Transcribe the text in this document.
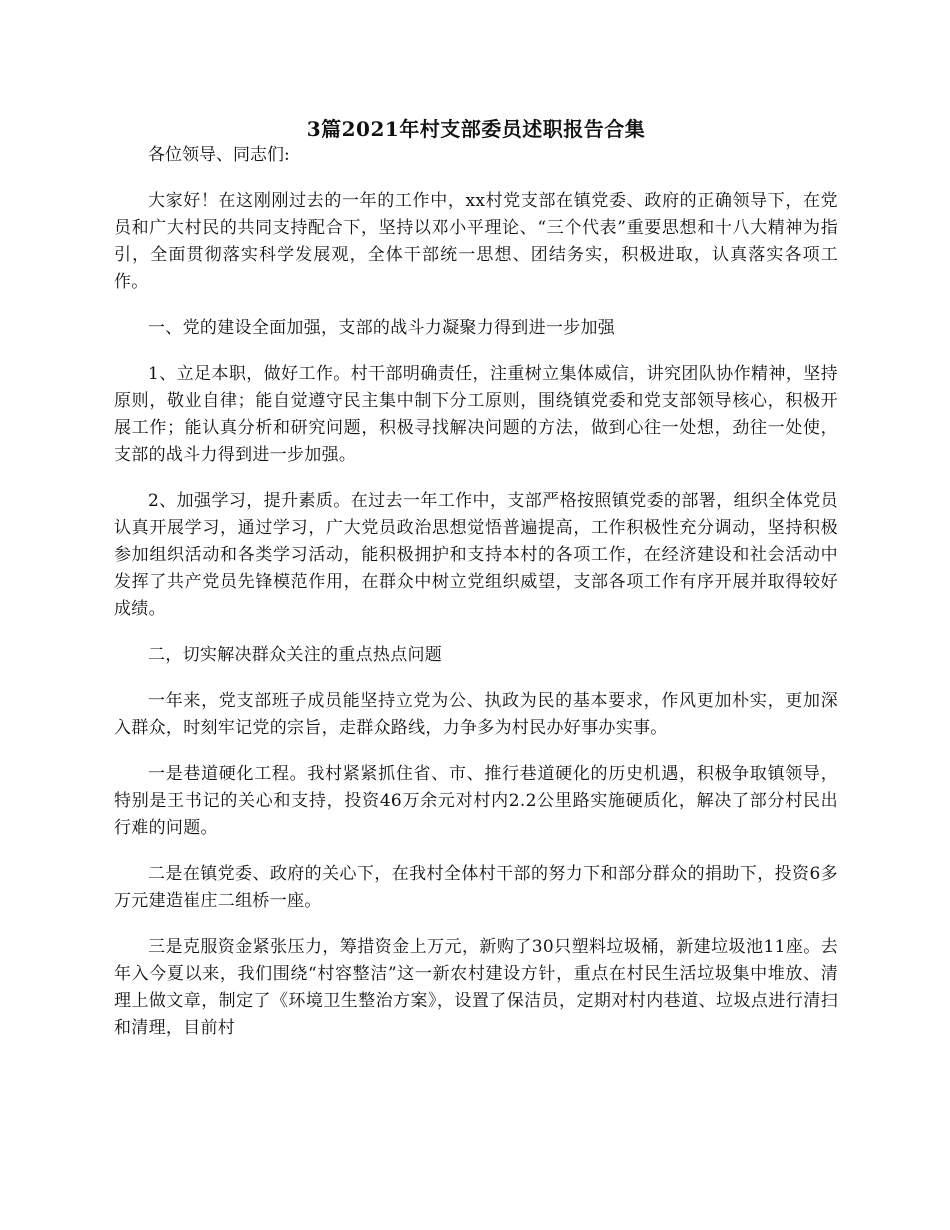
3篇2021年村支部委员述职报告合集

各位领导、同志们:

大家好！在这刚刚过去的一年的工作中，xx村党支部在镇党委、政府的正确领导下，在党员和广大村民的共同支持配合下，坚持以邓小平理论、“三个代表”重要思想和十八大精神为指引，全面贯彻落实科学发展观，全体干部统一思想、团结务实，积极进取，认真落实各项工作。

一、党的建设全面加强，支部的战斗力凝聚力得到进一步加强

1、立足本职，做好工作。村干部明确责任，注重树立集体威信，讲究团队协作精神，坚持原则，敬业自律；能自觉遵守民主集中制下分工原则，围绕镇党委和党支部领导核心，积极开展工作；能认真分析和研究问题，积极寻找解决问题的方法，做到心往一处想，劲往一处使，支部的战斗力得到进一步加强。

2、加强学习，提升素质。在过去一年工作中，支部严格按照镇党委的部署，组织全体党员认真开展学习，通过学习，广大党员政治思想觉悟普遍提高，工作积极性充分调动，坚持积极参加组织活动和各类学习活动，能积极拥护和支持本村的各项工作，在经济建设和社会活动中发挥了共产党员先锋模范作用，在群众中树立党组织威望，支部各项工作有序开展并取得较好成绩。

二，切实解决群众关注的重点热点问题

一年来，党支部班子成员能坚持立党为公、执政为民的基本要求，作风更加朴实，更加深入群众，时刻牢记党的宗旨，走群众路线，力争多为村民办好事办实事。

一是巷道硬化工程。我村紧紧抓住省、市、推行巷道硬化的历史机遇，积极争取镇领导，特别是王书记的关心和支持，投资46万余元对村内2.2公里路实施硬质化，解决了部分村民出行难的问题。

二是在镇党委、政府的关心下，在我村全体村干部的努力下和部分群众的捐助下，投资6多万元建造崔庄二组桥一座。

三是克服资金紧张压力，筹措资金上万元，新购了30只塑料垃圾桶，新建垃圾池11座。去年入今夏以来，我们围绕“村容整洁”这一新农村建设方针，重点在村民生活垃圾集中堆放、清理上做文章，制定了《环境卫生整治方案》，设置了保洁员，定期对村内巷道、垃圾点进行清扫和清理，目前村
